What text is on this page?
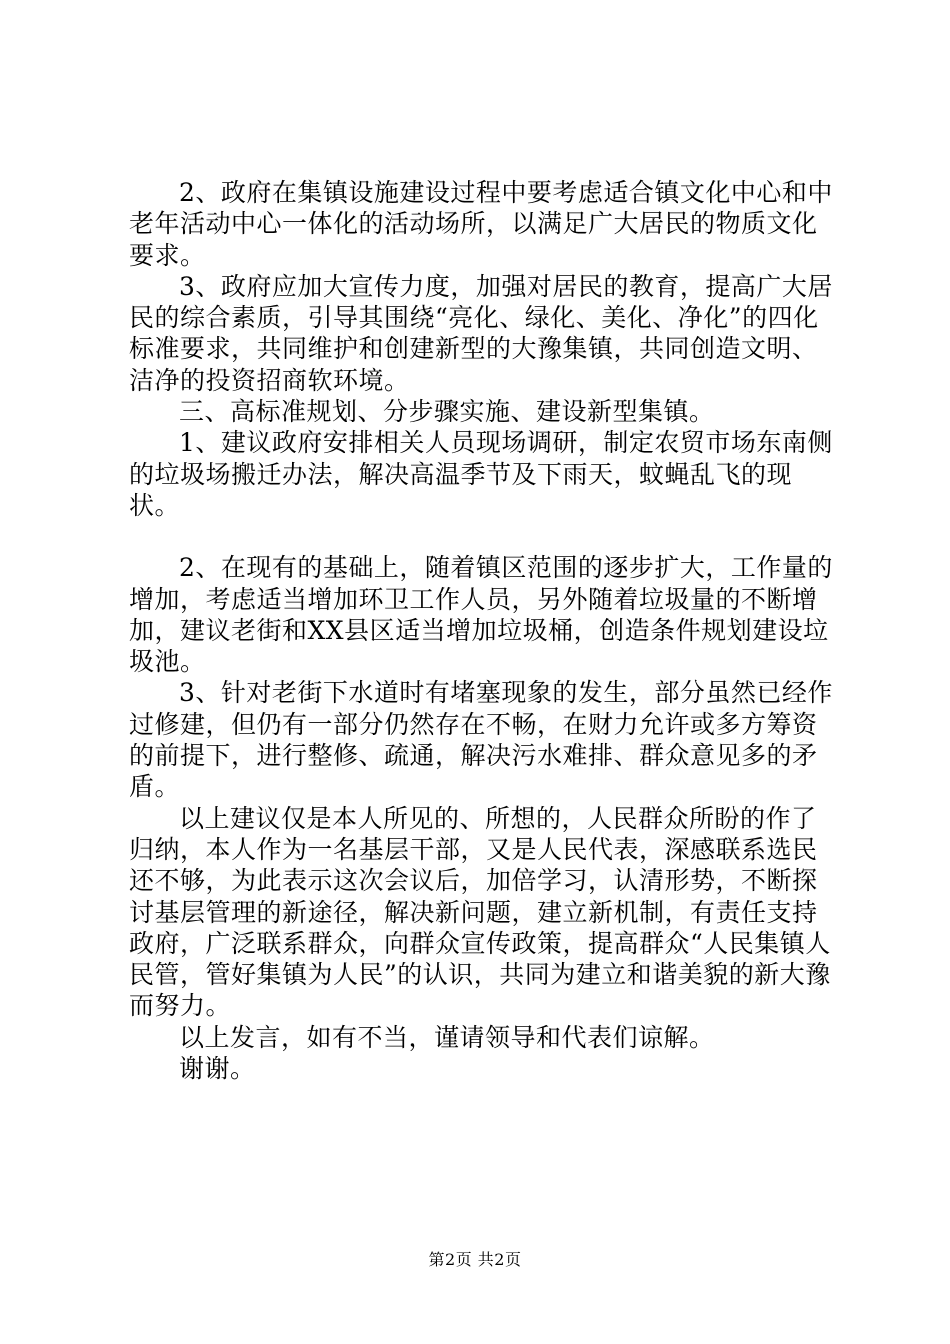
2、政府在集镇设施建设过程中要考虑适合镇文化中心和中老年活动中心一体化的活动场所，以满足广大居民的物质文化要求。

3、政府应加大宣传力度，加强对居民的教育，提高广大居民的综合素质，引导其围绕“亮化、绿化、美化、净化”的四化标准要求，共同维护和创建新型的大豫集镇，共同创造文明、洁净的投资招商软环境。

三、高标准规划、分步骤实施、建设新型集镇。

1、建议政府安排相关人员现场调研，制定农贸市场东南侧的垃圾场搬迁办法，解决高温季节及下雨天，蚊蝇乱飞的现状。

2、在现有的基础上，随着镇区范围的逐步扩大，工作量的增加，考虑适当增加环卫工作人员，另外随着垃圾量的不断增加，建议老街和XX县区适当增加垃圾桶，创造条件规划建设垃圾池。

3、针对老街下水道时有堵塞现象的发生，部分虽然已经作过修建，但仍有一部分仍然存在不畅，在财力允许或多方筹资的前提下，进行整修、疏通，解决污水难排、群众意见多的矛盾。

以上建议仅是本人所见的、所想的，人民群众所盼的作了归纳，本人作为一名基层干部，又是人民代表，深感联系选民还不够，为此表示这次会议后，加倍学习，认清形势，不断探讨基层管理的新途径，解决新问题，建立新机制，有责任支持政府，广泛联系群众，向群众宣传政策，提高群众“人民集镇人民管，管好集镇为人民”的认识，共同为建立和谐美貌的新大豫而努力。

以上发言，如有不当，谨请领导和代表们谅解。

谢谢。

第2页 共2页
